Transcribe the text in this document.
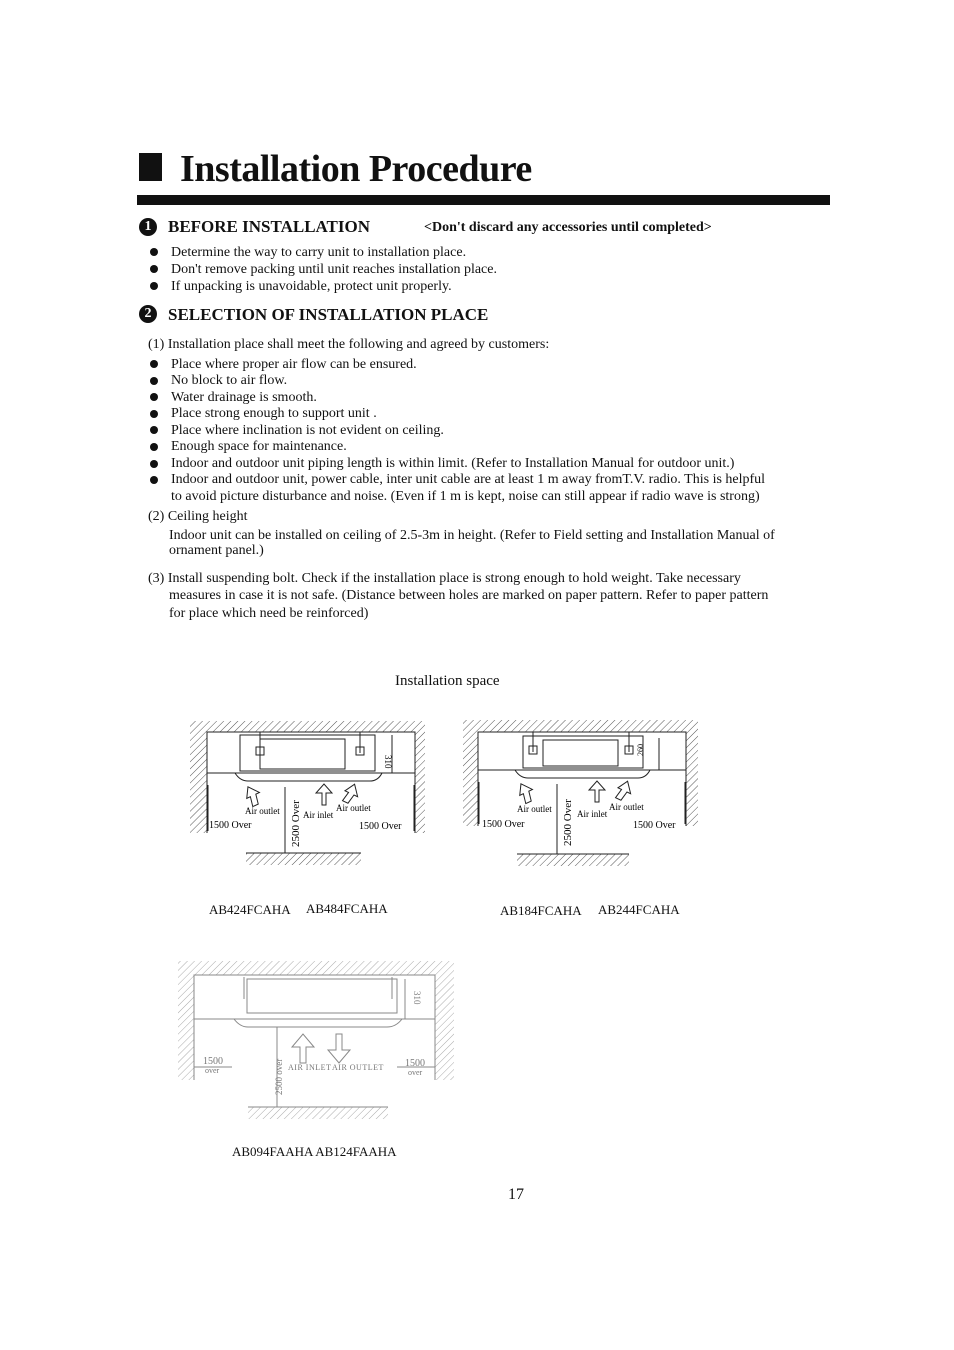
Installation Procedure
1 BEFORE INSTALLATION	<Don't discard any accessories until completed>
Determine the way to carry unit to installation place.
Don't remove packing until unit reaches installation place.
If unpacking is unavoidable, protect unit properly.
2 SELECTION OF INSTALLATION PLACE
(1) Installation place shall meet the following and agreed by customers:
Place where proper air flow can be ensured.
No block to air flow.
Water drainage is smooth.
Place strong enough to support unit .
Place where inclination is not evident on ceiling.
Enough space for maintenance.
Indoor and outdoor unit piping length is within limit. (Refer to Installation Manual for outdoor unit.)
Indoor and outdoor unit, power cable, inter unit cable are at least 1 m away fromT.V. radio. This is helpful
to avoid picture disturbance and noise. (Even if 1 m is kept, noise can still appear if radio wave is strong)
(2) Ceiling height
Indoor unit can be installed on ceiling of 2.5-3m in height. (Refer to Field setting and Installation Manual of
ornament panel.)
(3) Install suspending bolt. Check if the installation place is strong enough to hold weight. Take necessary
measures in case it is not safe. (Distance between holes are marked on paper pattern. Refer to paper pattern
for place which need be reinforced)
Installation space
310
Air outlet	Air inlet
Air outlet
1500 Over	1500 Over
2500 Over
AB424FCAHA AB484FCAHA
260
Air outlet	Air inlet
Air outlet
1500 Over	1500 Over
2500 Over
AB184FCAHA AB244FCAHA
310
1500
over
1500
over
AIR INLET AIR OUTLET
2500 over
AB094FAAHA AB124FAAHA
17
